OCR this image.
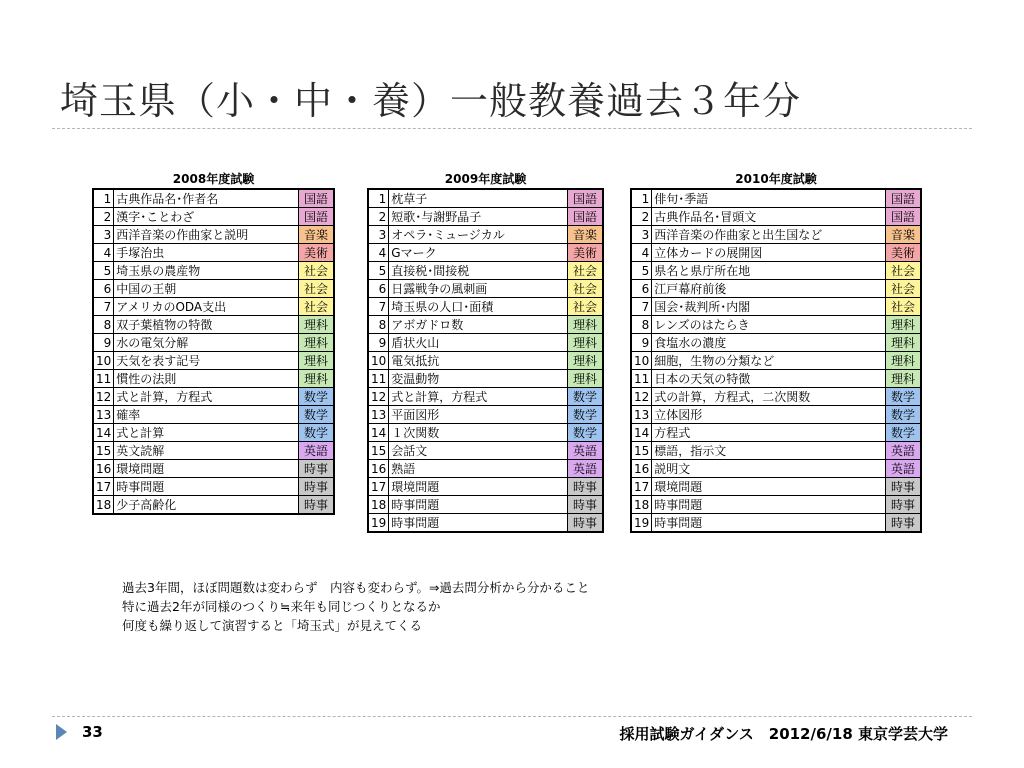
埼玉県（小・中・養）一般教養過去３年分
2008年度試験
1	古典作品名･作者名	国語
2	漢字･ことわざ	国語
3	西洋音楽の作曲家と説明	音楽
4	手塚治虫	美術
5	埼玉県の農産物	社会
6	中国の王朝	社会
7	アメリカのODA支出	社会
8	双子葉植物の特徴	理科
9	水の電気分解	理科
10	天気を表す記号	理科
11	慣性の法則	理科
12	式と計算，方程式	数学
13	確率	数学
14	式と計算	数学
15	英文読解	英語
16	環境問題	時事
17	時事問題	時事
18	少子高齢化	時事
2009年度試験
1	枕草子	国語
2	短歌･与謝野晶子	国語
3	オペラ･ミュージカル	音楽
4	Gマーク	美術
5	直接税･間接税	社会
6	日露戦争の風刺画	社会
7	埼玉県の人口･面積	社会
8	アボガドロ数	理科
9	盾状火山	理科
10	電気抵抗	理科
11	変温動物	理科
12	式と計算，方程式	数学
13	平面図形	数学
14	１次関数	数学
15	会話文	英語
16	熟語	英語
17	環境問題	時事
18	時事問題	時事
19	時事問題	時事
2010年度試験
1	俳句･季語	国語
2	古典作品名･冒頭文	国語
3	西洋音楽の作曲家と出生国など	音楽
4	立体カードの展開図	美術
5	県名と県庁所在地	社会
6	江戸幕府前後	社会
7	国会･裁判所･内閣	社会
8	レンズのはたらき	理科
9	食塩水の濃度	理科
10	細胞，生物の分類など	理科
11	日本の天気の特徴	理科
12	式の計算，方程式，二次関数	数学
13	立体図形	数学
14	方程式	数学
15	標語，指示文	英語
16	説明文	英語
17	環境問題	時事
18	時事問題	時事
19	時事問題	時事
過去3年間，ほぼ問題数は変わらず　内容も変わらず。⇒過去問分析から分かること
特に過去2年が同様のつくり≒来年も同じつくりとなるか
何度も繰り返して演習すると「埼玉式」が見えてくる
33	採用試験ガイダンス　2012/6/18 東京学芸大学
